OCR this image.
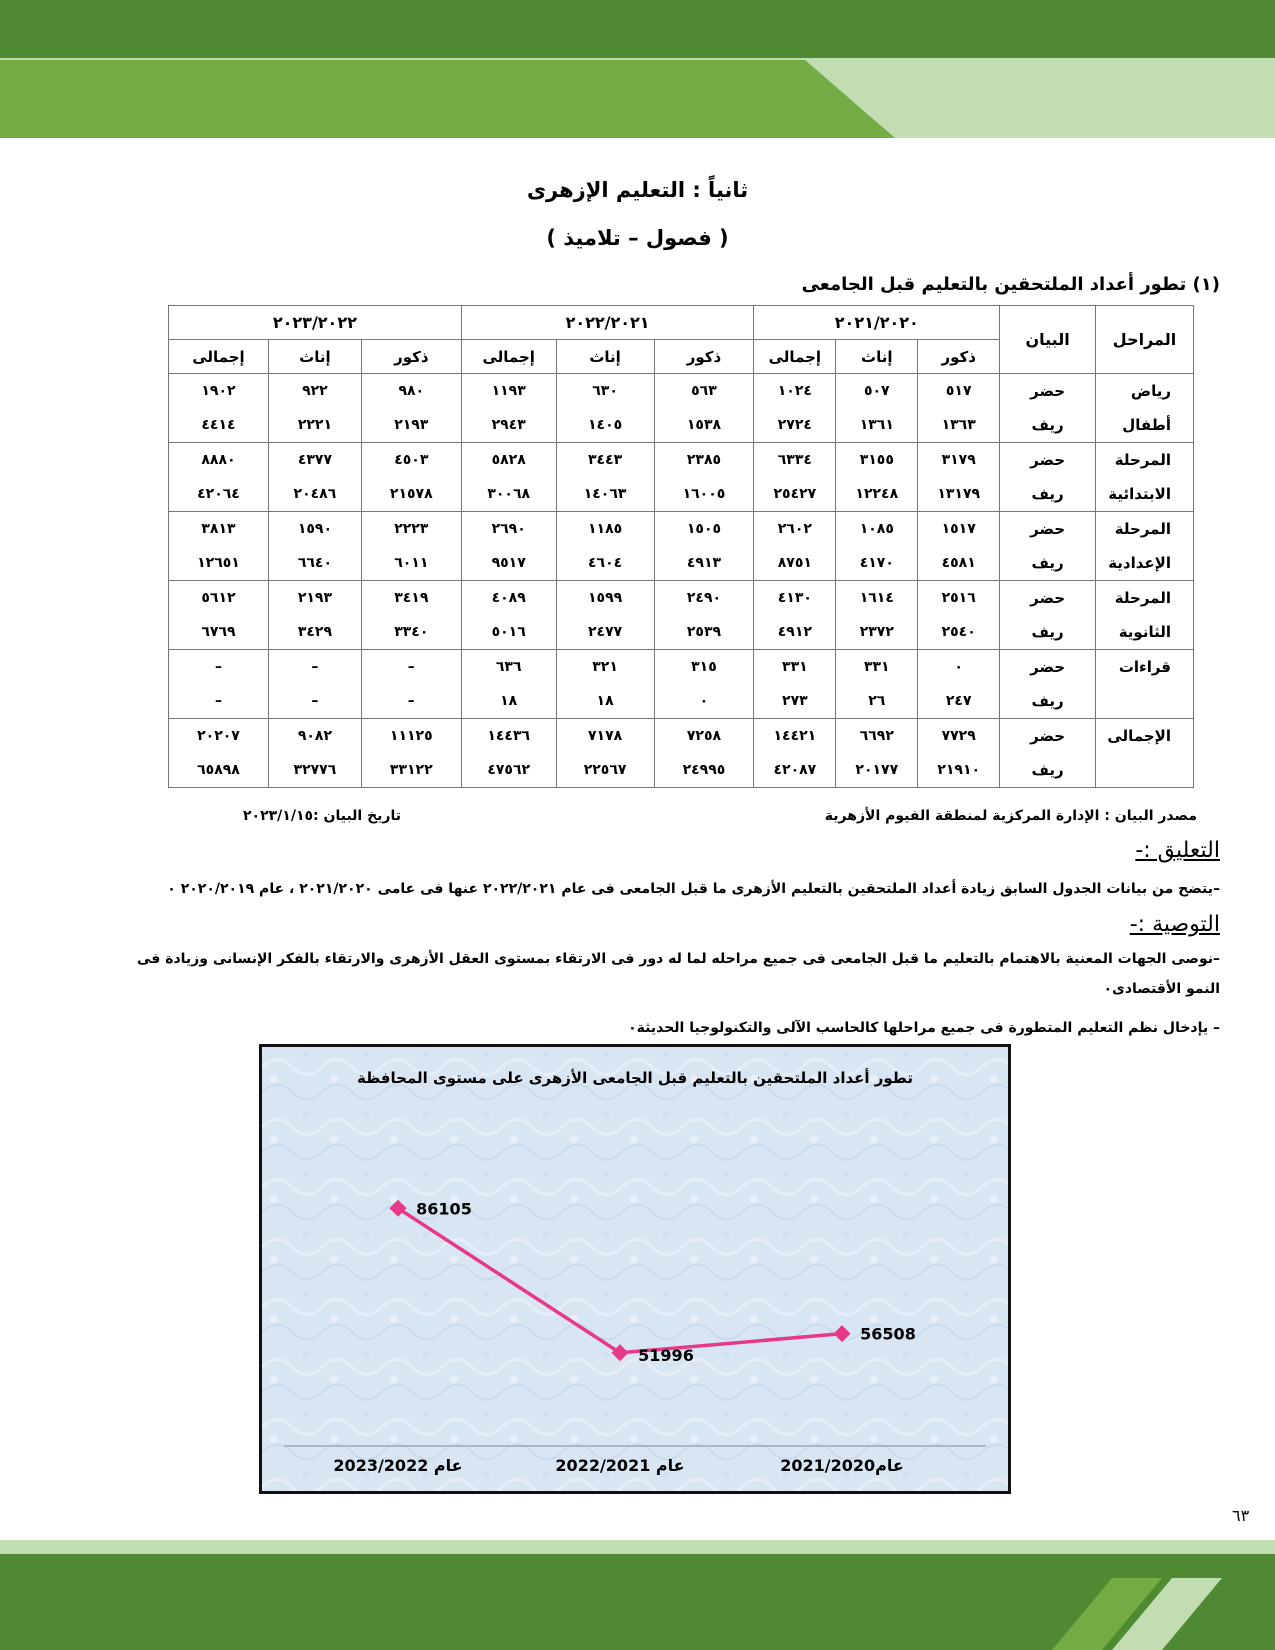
ثانياً : التعليم الإزهرى
( فصول – تلاميذ )
(١) تطور أعداد الملتحقين بالتعليم قبل الجامعى
المراحل	البيان	٢٠٢١/٢٠٢٠			٢٠٢٢/٢٠٢١			٢٠٢٣/٢٠٢٢		
		ذكور	إناث	إجمالى	ذكور	إناث	إجمالى	ذكور	إناث	إجمالى
رياض	حضر	٥١٧	٥٠٧	١٠٢٤	٥٦٣	٦٣٠	١١٩٣	٩٨٠	٩٢٢	١٩٠٢
أطفال	ريف	١٣٦٣	١٣٦١	٢٧٢٤	١٥٣٨	١٤٠٥	٢٩٤٣	٢١٩٣	٢٢٢١	٤٤١٤
المرحلة	حضر	٣١٧٩	٣١٥٥	٦٣٣٤	٢٣٨٥	٣٤٤٣	٥٨٢٨	٤٥٠٣	٤٣٧٧	٨٨٨٠
الابتدائية	ريف	١٣١٧٩	١٢٢٤٨	٢٥٤٢٧	١٦٠٠٥	١٤٠٦٣	٣٠٠٦٨	٢١٥٧٨	٢٠٤٨٦	٤٢٠٦٤
المرحلة	حضر	١٥١٧	١٠٨٥	٢٦٠٢	١٥٠٥	١١٨٥	٢٦٩٠	٢٢٢٣	١٥٩٠	٣٨١٣
الإعدادية	ريف	٤٥٨١	٤١٧٠	٨٧٥١	٤٩١٣	٤٦٠٤	٩٥١٧	٦٠١١	٦٦٤٠	١٢٦٥١
المرحلة	حضر	٢٥١٦	١٦١٤	٤١٣٠	٢٤٩٠	١٥٩٩	٤٠٨٩	٣٤١٩	٢١٩٣	٥٦١٢
الثانوية	ريف	٢٥٤٠	٢٣٧٢	٤٩١٢	٢٥٣٩	٢٤٧٧	٥٠١٦	٣٣٤٠	٣٤٢٩	٦٧٦٩
قراءات	حضر	٠	٣٣١	٣٣١	٣١٥	٣٢١	٦٣٦	–	–	–
	ريف	٢٤٧	٢٦	٢٧٣	٠	١٨	١٨	–	–	–
الإجمالى	حضر	٧٧٢٩	٦٦٩٢	١٤٤٢١	٧٢٥٨	٧١٧٨	١٤٤٣٦	١١١٢٥	٩٠٨٢	٢٠٢٠٧
	ريف	٢١٩١٠	٢٠١٧٧	٤٢٠٨٧	٢٤٩٩٥	٢٢٥٦٧	٤٧٥٦٢	٣٣١٢٢	٣٢٧٧٦	٦٥٨٩٨
مصدر البيان : الإدارة المركزية لمنطقة الفيوم الأزهرية
تاريخ البيان :٢٠٢٣/١/١٥
التعليق :-
–يتضح من بيانات الجدول السابق زيادة أعداد الملتحقين بالتعليم الأزهرى ما قبل الجامعى فى عام ٢٠٢٢/٢٠٢١ عنها فى عامى ٢٠٢١/٢٠٢٠ ، عام ٢٠٢٠/٢٠١٩ ٠
التوصية :-
–نوصى الجهات المعنية بالاهتمام بالتعليم ما قبل الجامعى فى جميع مراحله لما له دور فى الارتقاء بمستوى العقل الأزهرى والارتقاء بالفكر الإنسانى وزيادة فى النمو الأقتصادى٠
– يإدخال نظم التعليم المتطورة فى جميع مراحلها كالحاسب الآلى والتكنولوجيا الحديثة٠
تطور أعداد الملتحقين بالتعليم قبل الجامعى الأزهرى على مستوى المحافظة
86105
51996
56508
عام 2023/2022	عام 2022/2021	عام2021/2020
٦٣
